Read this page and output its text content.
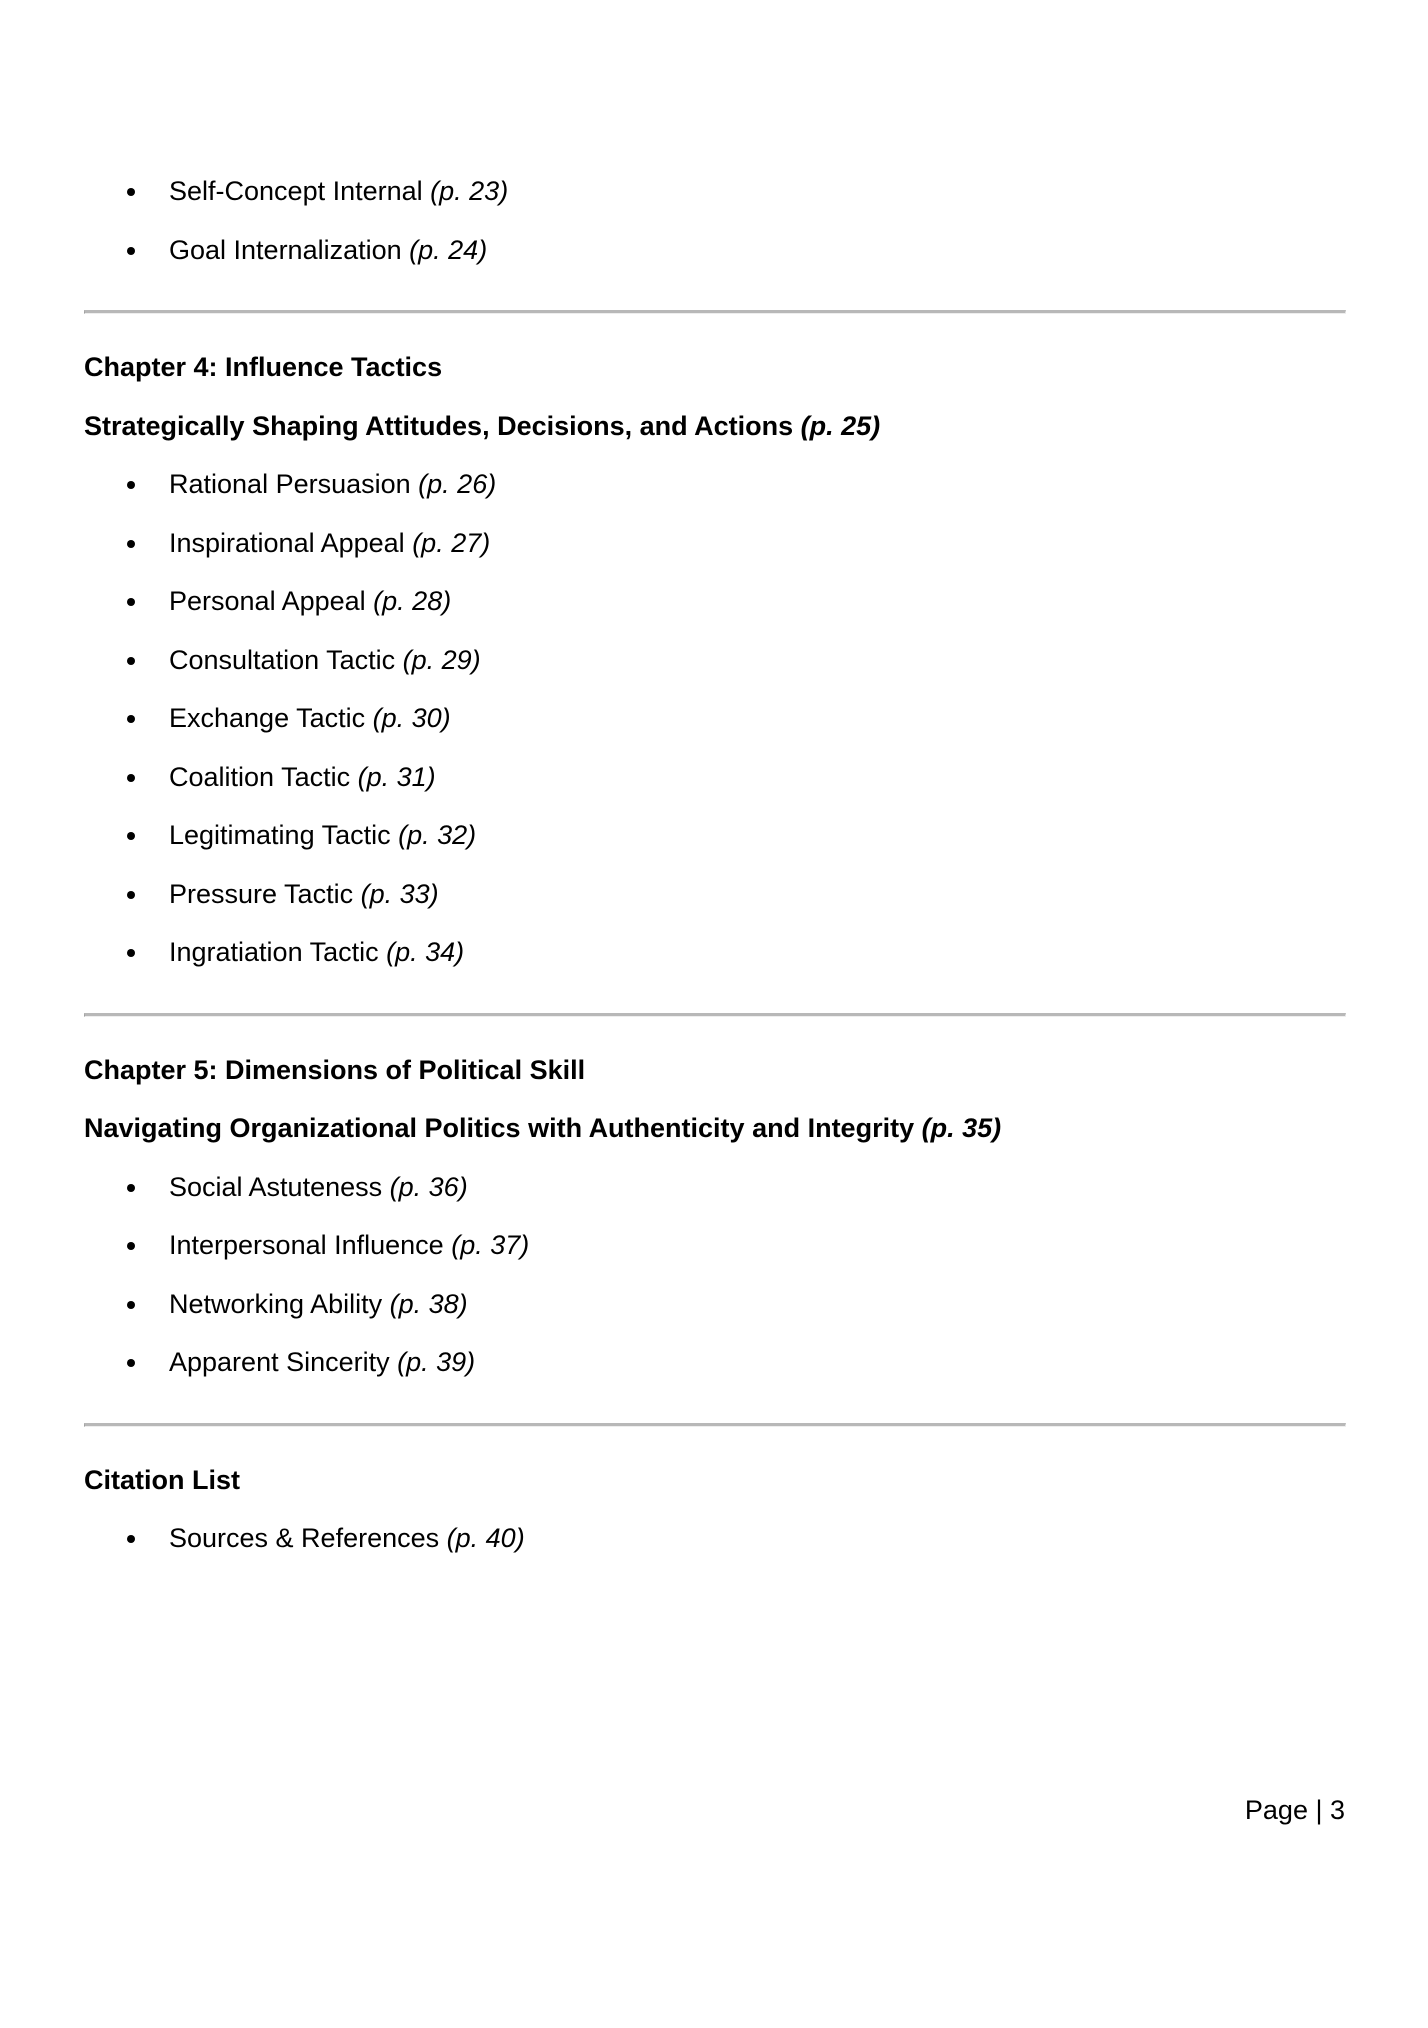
Self-Concept Internal (p. 23)
Goal Internalization (p. 24)
Chapter 4: Influence Tactics
Strategically Shaping Attitudes, Decisions, and Actions (p. 25)
Rational Persuasion (p. 26)
Inspirational Appeal (p. 27)
Personal Appeal (p. 28)
Consultation Tactic (p. 29)
Exchange Tactic (p. 30)
Coalition Tactic (p. 31)
Legitimating Tactic (p. 32)
Pressure Tactic (p. 33)
Ingratiation Tactic (p. 34)
Chapter 5: Dimensions of Political Skill
Navigating Organizational Politics with Authenticity and Integrity (p. 35)
Social Astuteness (p. 36)
Interpersonal Influence (p. 37)
Networking Ability (p. 38)
Apparent Sincerity (p. 39)
Citation List
Sources & References (p. 40)
Page | 3
